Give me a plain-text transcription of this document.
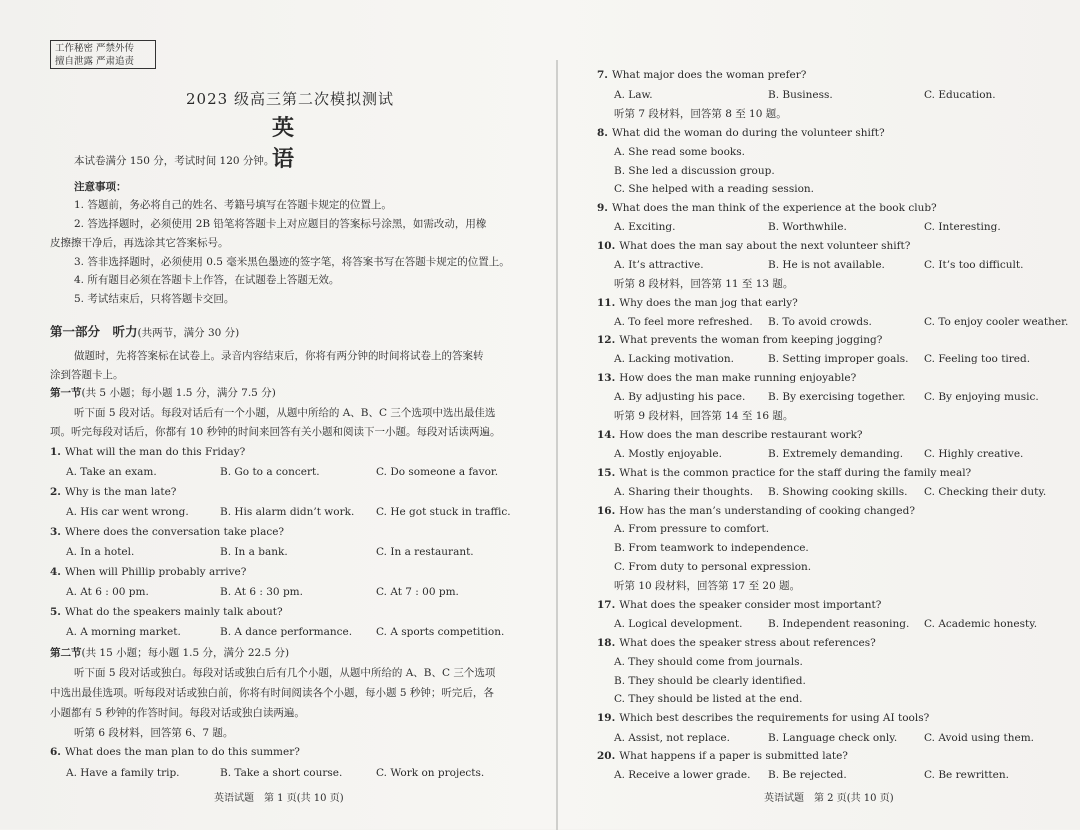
工作秘密 严禁外传
擅自泄露 严肃追责
2023 级高三第二次模拟测试
英　语
本试卷满分 150 分，考试时间 120 分钟。
注意事项：
1. 答题前，务必将自己的姓名、考籍号填写在答题卡规定的位置上。
2. 答选择题时，必须使用 2B 铅笔将答题卡上对应题目的答案标号涂黑，如需改动，用橡
皮擦擦干净后，再选涂其它答案标号。
3. 答非选择题时，必须使用 0.5 毫米黑色墨迹的签字笔，将答案书写在答题卡规定的位置上。
4. 所有题目必须在答题卡上作答，在试题卷上答题无效。
5. 考试结束后，只将答题卡交回。
第一部分　听力(共两节，满分 30 分)
做题时，先将答案标在试卷上。录音内容结束后，你将有两分钟的时间将试卷上的答案转
涂到答题卡上。
第一节(共 5 小题；每小题 1.5 分，满分 7.5 分)
听下面 5 段对话。每段对话后有一个小题，从题中所给的 A、B、C 三个选项中选出最佳选
项。听完每段对话后，你都有 10 秒钟的时间来回答有关小题和阅读下一小题。每段对话读两遍。
1. What will the man do this Friday?
A. Take an exam.	B. Go to a concert.	C. Do someone a favor.
2. Why is the man late?
A. His car went wrong.	B. His alarm didn’t work. C. He got stuck in traffic.
3. Where does the conversation take place?
A. In a hotel.	B. In a bank.	C. In a restaurant.
4. When will Phillip probably arrive?
A. At 6 : 00 pm.	B. At 6 : 30 pm.	C. At 7 : 00 pm.
5. What do the speakers mainly talk about?
A. A morning market.	B. A dance performance. C. A sports competition.
第二节(共 15 小题；每小题 1.5 分，满分 22.5 分)
听下面 5 段对话或独白。每段对话或独白后有几个小题，从题中所给的 A、B、C 三个选项
中选出最佳选项。听每段对话或独白前，你将有时间阅读各个小题，每小题 5 秒钟；听完后，各
小题都有 5 秒钟的作答时间。每段对话或独白读两遍。
听第 6 段材料，回答第 6、7 题。
6. What does the man plan to do this summer?
A. Have a family trip.	B. Take a short course.	C. Work on projects.
英语试题　第 1 页(共 10 页)
7. What major does the woman prefer?
A. Law.	B. Business.	C. Education.
听第 7 段材料，回答第 8 至 10 题。
8. What did the woman do during the volunteer shift?
A. She read some books.
B. She led a discussion group.
C. She helped with a reading session.
9. What does the man think of the experience at the book club?
A. Exciting.	B. Worthwhile.	C. Interesting.
10. What does the man say about the next volunteer shift?
A. It’s attractive.	B. He is not available.	C. It’s too difficult.
听第 8 段材料，回答第 11 至 13 题。
11. Why does the man jog that early?
A. To feel more refreshed. B. To avoid crowds.	C. To enjoy cooler weather.
12. What prevents the woman from keeping jogging?
A. Lacking motivation.	B. Setting improper goals. C. Feeling too tired.
13. How does the man make running enjoyable?
A. By adjusting his pace. B. By exercising together. C. By enjoying music.
听第 9 段材料，回答第 14 至 16 题。
14. How does the man describe restaurant work?
A. Mostly enjoyable.	B. Extremely demanding. C. Highly creative.
15. What is the common practice for the staff during the family meal?
A. Sharing their thoughts. B. Showing cooking skills. C. Checking their duty.
16. How has the man’s understanding of cooking changed?
A. From pressure to comfort.
B. From teamwork to independence.
C. From duty to personal expression.
听第 10 段材料，回答第 17 至 20 题。
17. What does the speaker consider most important?
A. Logical development. B. Independent reasoning. C. Academic honesty.
18. What does the speaker stress about references?
A. They should come from journals.
B. They should be clearly identified.
C. They should be listed at the end.
19. Which best describes the requirements for using AI tools?
A. Assist, not replace.	B. Language check only.	C. Avoid using them.
20. What happens if a paper is submitted late?
A. Receive a lower grade. B. Be rejected.	C. Be rewritten.
英语试题　第 2 页(共 10 页)
